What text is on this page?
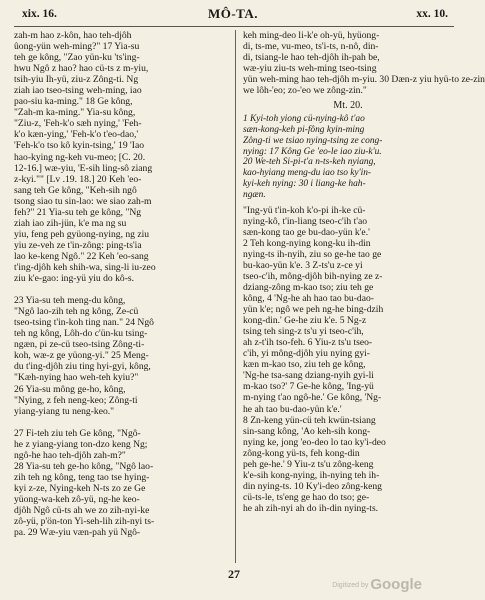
xix. 16.	MÔ-TA.	xx. 10.
zah-m hao z-kôn, hao teh-djôh
ûong-yün weh-ming?" 17 Yia-su
teh ge kông, "Zao yün-ku 'ts'ing-
hwu Ngô z hao? hao cü-ts z m-yiu,
tsih-yiu Ih-yü, ziu-z Zông-ti. Ng
ziah iao tseo-tsing weh-ming, iao
pao-siu ka-ming." 18 Ge kông,
"Zah-m ka-ming." Yia-su kông,
"Ziu-z, 'Feh-k'o sæh nying,' 'Feh-
k'o kæn-ying,' 'Feh-k'o t'eo-dao,'
'Feh-k'o tso kô kyin-tsing,' 19 'Iao
hao-kying ng-keh vu-meo; [C. 20.
12-16.] wæ-yiu, 'E-sih ling-sô ziang
z-kyi."" [Lv .19. 18.] 20 Keh 'eo-
sang teh Ge kông, "Keh-sih ngô
tsong siao tu sin-lao: we siao zah-m
feh?" 21 Yia-su teh ge kông, "Ng
ziah iao zih-jün, k'e ma ng su
yiu, feng peh gyüong-nying, ng ziu
yiu ze-veh ze t'in-zông: ping-ts'ia
lao ke-keng Ngô." 22 Keh 'eo-sang
t'ing-djôh keh shih-wa, sing-li iu-zeo
ziu k'e-gao: ing-yü yiu do kô-s.
23 Yia-su teh meng-du kông,
"Ngô lao-zih teh ng kông, Ze-cü
tseo-tsing t'in-koh ting nan." 24 Ngô
teh ng kông, Lôh-do c'ün-ku tsing-
ngæn, pi ze-cü tseo-tsing Zông-ti-
koh, wæ-z ge yüong-yi." 25 Meng-
du t'ing-djôh ziu ting hyi-gyi, kông,
"Kæh-nying hao weh-teh kyiu?"
26 Yia-su mông ge-ho, kông,
"Nying, z feh neng-keo; Zông-ti
yiang-yiang tu neng-keo."
27 Fi-teh ziu teh Ge kông, "Ngô-
he z yiang-yiang ton-dzo keng Ng;
ngô-he hao teh-djôh zah-m?"
28 Yia-su teh ge-ho kông, "Ngô lao-
zih teh ng kông, teng tao tse hying-
kyi z-ze, Nying-keh N-ts zo ze Ge
yüong-wa-keh zô-yü, ng-he keo-
djôh Ngô cü-ts ah we zo zih-nyi-ke
zô-yü, p'ön-ton Yi-seh-lih zih-nyi ts-
pa. 29 Wæ-yiu væn-pah yü Ngô-
keh ming-deo li-k'e oh-yü, hyüong-
di, ts-me, vu-meo, ts'i-ts, n-nô, din-
di, tsiang-le hao teh-djôh ih-pah be,
wæ-yiu ziu-ts weh-ming tseo-tsing
yün weh-ming hao teh-djôh m-yiu. 30 Dæn-z yiu hyü-to ze-zin
we lôh-'eo; zo-'eo we zông-zin."
Mt. 20.
1 Kyi-toh yiong cü-nying-kô t'ao
sæn-kong-keh pi-fông kyin-ming
Zông-ti we tsiao nying-tsing ze cong-
nying: 17 Kông Ge 'eo-le iao ziu-k'u.
20 We-teh Si-pi-t'a n-ts-keh nyiang,
kao-hyiang meng-du iao tso ky'in-
kyi-keh nying: 30 i liang-ke hah-
ngæn.
"Ing-yü t'in-koh k'o-pi ih-ke cü-
nying-kô, t'in-liang tseo-c'ih t'ao
sæn-kong tao ge bu-dao-yün k'e.'
2 Teh kong-nying kong-ku ih-din
nying-ts ih-nyih, ziu so ge-he tao ge
bu-kao-yün k'e. 3 Z-ts'u z-ce yi
tseo-c'ih, mông-djôh bih-nying ze z-
dziang-zông m-kao tso; ziu teh ge
kông, 4 'Ng-he ah hao tao bu-dao-
yün k'e; ngô we peh ng-he bing-dzih
kong-din.' Ge-he ziu k'e. 5 Ng-z
tsing teh sing-z ts'u yi tseo-c'ih,
ah z-t'ih tso-feh. 6 Yiu-z ts'u tseo-
c'ih, yi mông-djôh yiu nying gyi-
kæn m-kao tso, ziu teh ge kông,
'Ng-he tsa-sang dziang-nyih gyi-li
m-kao tso?' 7 Ge-he kông, 'Ing-yü
m-nying t'ao ngô-he.' Ge kông, 'Ng-
he ah tao bu-dao-yün k'e.'
8 Zn-keng yün-cü teh kwün-tsiang
sin-sang kông, 'Ao keh-sih kong-
nying ke, jong 'eo-deo lo tao ky'i-deo
zông-kong yü-ts, feh kong-din
peh ge-he.' 9 Yiu-z ts'u zông-keng
k'e-sih kong-nying, ih-nying teh ih-
din nying-ts. 10 Ky'i-deo zông-keng
cü-ts-le, ts'eng ge hao do tso; ge-
he ah zih-nyi ah do ih-din nying-ts.
27
Digitized by Google
